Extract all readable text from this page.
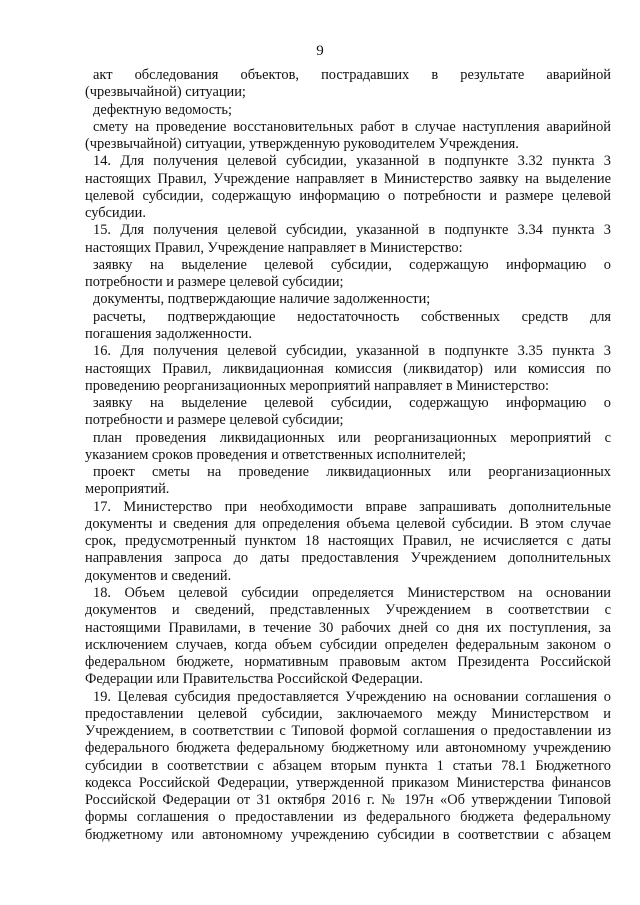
9
акт обследования объектов, пострадавших в результате аварийной
(чрезвычайной) ситуации;
дефектную ведомость;
смету на проведение восстановительных работ в случае наступления аварийной
(чрезвычайной) ситуации, утвержденную руководителем Учреждения.
14. Для получения целевой субсидии, указанной в подпункте 3.32 пункта 3
настоящих Правил, Учреждение направляет в Министерство заявку на выделение
целевой субсидии, содержащую информацию о потребности и размере целевой
субсидии.
15. Для получения целевой субсидии, указанной в подпункте 3.34 пункта 3
настоящих Правил, Учреждение направляет в Министерство:
заявку на выделение целевой субсидии, содержащую информацию о
потребности и размере целевой субсидии;
документы, подтверждающие наличие задолженности;
расчеты, подтверждающие недостаточность собственных средств для
погашения задолженности.
16. Для получения целевой субсидии, указанной в подпункте 3.35 пункта 3
настоящих Правил, ликвидационная комиссия (ликвидатор) или комиссия по
проведению реорганизационных мероприятий направляет в Министерство:
заявку на выделение целевой субсидии, содержащую информацию о
потребности и размере целевой субсидии;
план проведения ликвидационных или реорганизационных мероприятий с
указанием сроков проведения и ответственных исполнителей;
проект сметы на проведение ликвидационных или реорганизационных
мероприятий.
17. Министерство при необходимости вправе запрашивать дополнительные
документы и сведения для определения объема целевой субсидии. В этом случае
срок, предусмотренный пунктом 18 настоящих Правил, не исчисляется с даты
направления запроса до даты предоставления Учреждением дополнительных
документов и сведений.
18. Объем целевой субсидии определяется Министерством на основании
документов и сведений, представленных Учреждением в соответствии с
настоящими Правилами, в течение 30 рабочих дней со дня их поступления, за
исключением случаев, когда объем субсидии определен федеральным законом о
федеральном бюджете, нормативным правовым актом Президента Российской
Федерации или Правительства Российской Федерации.
19. Целевая субсидия предоставляется Учреждению на основании соглашения о
предоставлении целевой субсидии, заключаемого между Министерством и
Учреждением, в соответствии с Типовой формой соглашения о предоставлении из
федерального бюджета федеральному бюджетному или автономному учреждению
субсидии в соответствии с абзацем вторым пункта 1 статьи 78.1 Бюджетного
кодекса Российской Федерации, утвержденной приказом Министерства финансов
Российской Федерации от 31 октября 2016 г. № 197н «Об утверждении Типовой
формы соглашения о предоставлении из федерального бюджета федеральному
бюджетному или автономному учреждению субсидии в соответствии с абзацем
